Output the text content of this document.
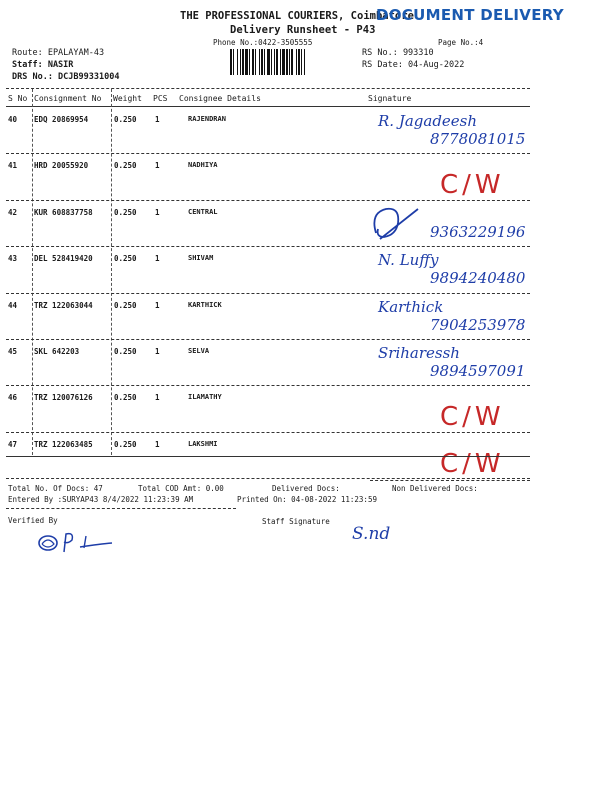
THE PROFESSIONAL COURIERS, Coimbatore
DOCUMENT DELIVERY
Delivery Runsheet - P43
Phone No.:0422-3505555	Page No.:4
Route: EPALAYAM-43
Staff: NASIR
DRS No.: DCJB99331004
RS No.: 993310
RS Date: 04-Aug-2022
S No Consignment No Weight PCS Consignee Details	Signature
40 EDQ 20869954	0.250 1	RAJENDRAN	R. Jagadeesh
8778081015
41 HRD 20055920	0.250 1	NADHIYA
C/W
42 KUR 608837758	0.250 1	CENTRAL
9363229196
43 DEL 528419420	0.250 1	SHIVAM	N. Luffy
9894240480
44 TRZ 122063044	0.250 1	KARTHICK	Karthick
7904253978
45 SKL 642203	0.250 1	SELVA	Sriharessh
9894597091
46 TRZ 120076126	0.250 1	ILAMATHY
C/W
47 TRZ 122063485	0.250 1	LAKSHMI
C/W
Total No. Of Docs: 47	Total COD Amt: 0.00	Delivered Docs:	Non Delivered Docs:
Entered By :SURYAP43 8/4/2022 11:23:39 AM	Printed On: 04-08-2022 11:23:59
Verified By	Staff Signature
S.nd
